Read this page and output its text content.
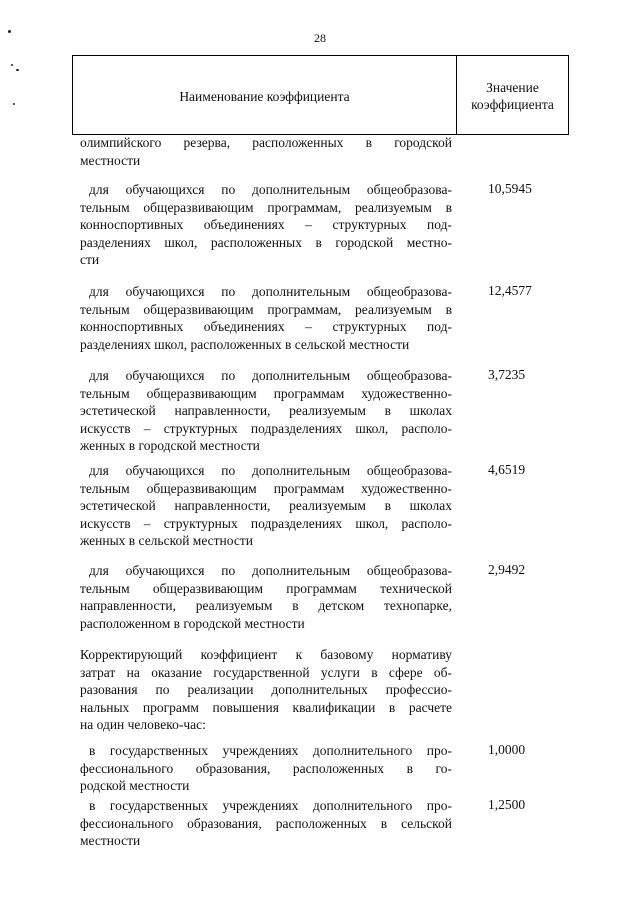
28
Наименование коэффициента
Значение
коэффициента
олимпийского резерва, расположенных в городской
местности
для обучающихся по дополнительным общеобразова-
тельным общеразвивающим программам, реализуемым в
конноспортивных объединениях – структурных под-
разделениях школ, расположенных в городской местно-
сти
10,5945
для обучающихся по дополнительным общеобразова-
тельным общеразвивающим программам, реализуемым в
конноспортивных объединениях – структурных под-
разделениях школ, расположенных в сельской местности
12,4577
для обучающихся по дополнительным общеобразова-
тельным общеразвивающим программам художественно-
эстетической направленности, реализуемым в школах
искусств – структурных подразделениях школ, располо-
женных в городской местности
3,7235
для обучающихся по дополнительным общеобразова-
тельным общеразвивающим программам художественно-
эстетической направленности, реализуемым в школах
искусств – структурных подразделениях школ, располо-
женных в сельской местности
4,6519
для обучающихся по дополнительным общеобразова-
тельным общеразвивающим программам технической
направленности, реализуемым в детском технопарке,
расположенном в городской местности
2,9492
Корректирующий коэффициент к базовому нормативу
затрат на оказание государственной услуги в сфере об-
разования по реализации дополнительных профессио-
нальных программ повышения квалификации в расчете
на один человеко-час:
в государственных учреждениях дополнительного про-
фессионального образования, расположенных в го-
родской местности
1,0000
в государственных учреждениях дополнительного про-
фессионального образования, расположенных в сельской
местности
1,2500
